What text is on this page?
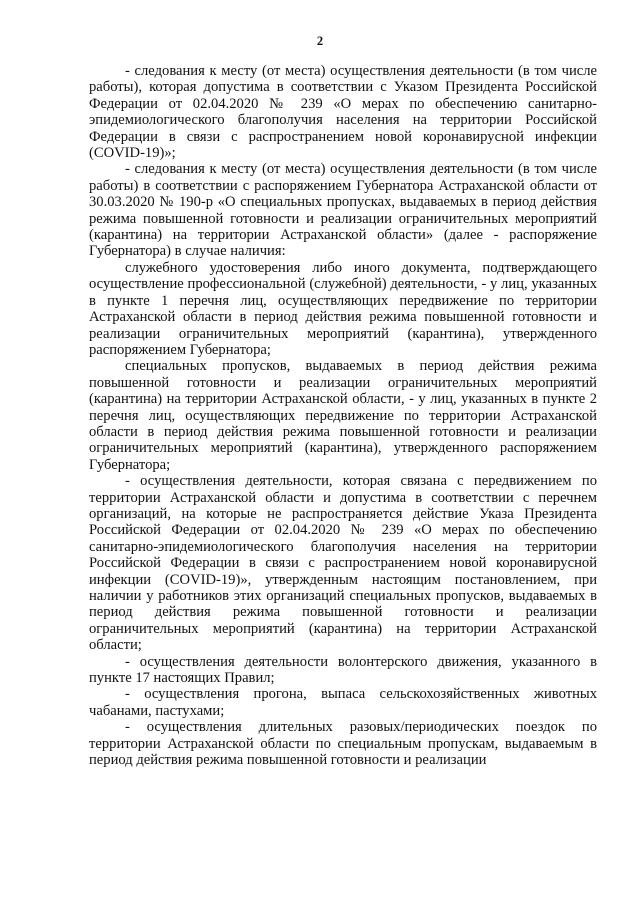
2

- следования к месту (от места) осуществления деятельности (в том числе работы), которая допустима в соответствии с Указом Президента Российской Федерации от 02.04.2020 № 239 «О мерах по обеспечению санитарно-эпидемиологического благополучия населения на территории Российской Федерации в связи с распространением новой коронавирусной инфекции (COVID-19)»;

- следования к месту (от места) осуществления деятельности (в том числе работы) в соответствии с распоряжением Губернатора Астраханской области от 30.03.2020 № 190-р «О специальных пропусках, выдаваемых в период действия режима повышенной готовности и реализации ограничительных мероприятий (карантина) на территории Астраханской области» (далее - распоряжение Губернатора) в случае наличия:

служебного удостоверения либо иного документа, подтверждающего осуществление профессиональной (служебной) деятельности, - у лиц, указанных в пункте 1 перечня лиц, осуществляющих передвижение по территории Астраханской области в период действия режима повышенной готовности и реализации ограничительных мероприятий (карантина), утвержденного распоряжением Губернатора;

специальных пропусков, выдаваемых в период действия режима повышенной готовности и реализации ограничительных мероприятий (карантина) на территории Астраханской области, - у лиц, указанных в пункте 2 перечня лиц, осуществляющих передвижение по территории Астраханской области в период действия режима повышенной готовности и реализации ограничительных мероприятий (карантина), утвержденного распоряжением Губернатора;

- осуществления деятельности, которая связана с передвижением по территории Астраханской области и допустима в соответствии с перечнем организаций, на которые не распространяется действие Указа Президента Российской Федерации от 02.04.2020 № 239 «О мерах по обеспечению санитарно-эпидемиологического благополучия населения на территории Российской Федерации в связи с распространением новой коронавирусной инфекции (COVID-19)», утвержденным настоящим постановлением, при наличии у работников этих организаций специальных пропусков, выдаваемых в период действия режима повышенной готовности и реализации ограничительных мероприятий (карантина) на территории Астраханской области;

- осуществления деятельности волонтерского движения, указанного в пункте 17 настоящих Правил;

- осуществления прогона, выпаса сельскохозяйственных животных чабанами, пастухами;

- осуществления длительных разовых/периодических поездок по территории Астраханской области по специальным пропускам, выдаваемым в период действия режима повышенной готовности и реализации
